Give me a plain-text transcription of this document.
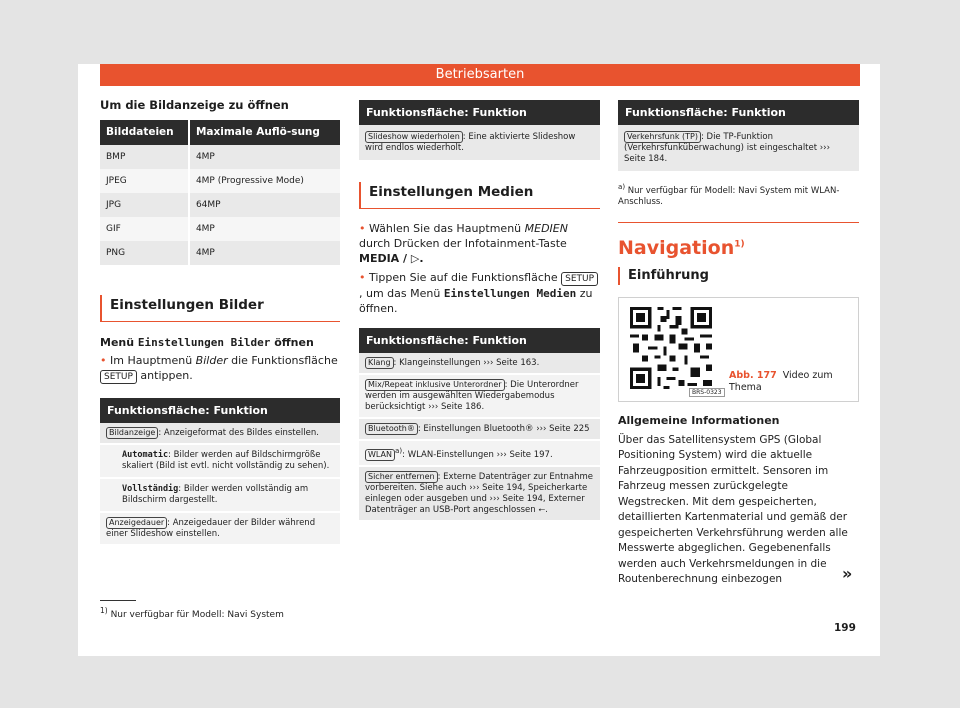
Betriebsarten
Um die Bildanzeige zu öffnen
Bilddateien	Maximale Auflö-sung
BMP	4MP
JPEG	4MP (Progressive Mode)
JPG	64MP
GIF	4MP
PNG	4MP
Einstellungen Bilder
Menü Einstellungen Bilder öffnen
• Im Hauptmenü Bilder die Funktionsfläche
SETUP antippen.
Funktionsfläche: Funktion
Bildanzeige : Anzeigeformat des Bildes einstellen.
Automatic: Bilder werden auf Bildschirmgröße skaliert (Bild ist evtl. nicht vollständig zu sehen).
Vollständig: Bilder werden vollständig am Bildschirm dargestellt.
Anzeigedauer : Anzeigedauer der Bilder während einer Slideshow einstellen.
Funktionsfläche: Funktion
Slideshow wiederholen : Eine aktivierte Slideshow wird endlos wiederholt.
Einstellungen Medien
• Wählen Sie das Hauptmenü MEDIEN durch Drücken der Infotainment-Taste MEDIA / ▷.
• Tippen Sie auf die Funktionsfläche SETUP, um das Menü Einstellungen Medien zu öffnen.
Funktionsfläche: Funktion
Klang : Klangeinstellungen ››› Seite 163.
Mix/Repeat inklusive Unterordner : Die Unterordner werden im ausgewählten Wiedergabemodus berücksichtigt ››› Seite 186.
Bluetooth® : Einstellungen Bluetooth® ››› Seite 225
WLAN $^{a)}$: WLAN-Einstellungen ››› Seite 197.
Sicher entfernen : Externe Datenträger zur Entnahme vorbereiten. Siehe auch ››› Seite 194, Speicherkarte einlegen oder ausgeben und ››› Seite 194, Externer Datenträger an USB-Port angeschlossen ⭠.
Funktionsfläche: Funktion
Verkehrsfunk (TP) : Die TP-Funktion (Verkehrsfunküberwachung) ist eingeschaltet ››› Seite 184.
$^{a)}$ Nur verfügbar für Modell: Navi System mit WLAN-Anschluss.
Navigation$^{1)}$
Einführung
BRS-0323
Abb. 177 Video zum Thema
Allgemeine Informationen
Über das Satellitensystem GPS (Global Positioning System) wird die aktuelle Fahrzeugposition ermittelt. Sensoren im Fahrzeug messen zurückgelegte Wegstrecken. Mit dem gespeicherten, detaillierten Kartenmaterial und gemäß der gespeicherten Verkehrsführung werden alle Messwerte abgeglichen. Gegebenenfalls werden auch Verkehrsmeldungen in die Routenberechnung einbezogen	»
$^{1)}$ Nur verfügbar für Modell: Navi System
199
